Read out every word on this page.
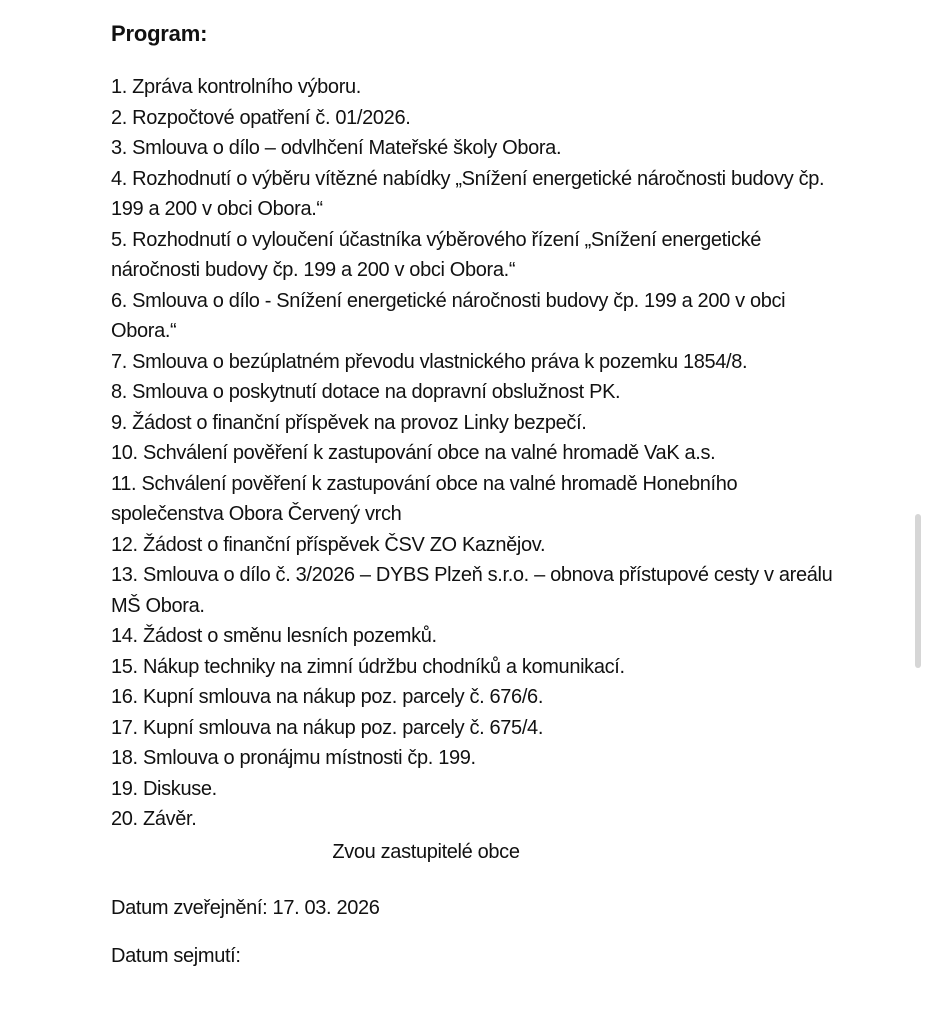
Program:
1. Zpráva kontrolního výboru.
2. Rozpočtové opatření č. 01/2026.
3. Smlouva o dílo – odvlhčení Mateřské školy Obora.
4. Rozhodnutí o výběru vítězné nabídky „Snížení energetické náročnosti budovy čp. 199 a 200 v obci Obora.“
5. Rozhodnutí o vyloučení účastníka výběrového řízení „Snížení energetické náročnosti budovy čp. 199 a 200 v obci Obora.“
6. Smlouva o dílo - Snížení energetické náročnosti budovy čp. 199 a 200 v obci Obora.“
7. Smlouva o bezúplatném převodu vlastnického práva k pozemku 1854/8.
8. Smlouva o poskytnutí dotace na dopravní obslužnost PK.
9. Žádost o finanční příspěvek na provoz Linky bezpečí.
10. Schválení pověření k zastupování obce na valné hromadě VaK a.s.
11. Schválení pověření k zastupování obce na valné hromadě Honebního společenstva Obora Červený vrch
12. Žádost o finanční příspěvek ČSV ZO Kaznějov.
13. Smlouva o dílo č. 3/2026 – DYBS Plzeň s.r.o. – obnova přístupové cesty v areálu MŠ Obora.
14. Žádost o směnu lesních pozemků.
15. Nákup techniky na zimní údržbu chodníků a komunikací.
16. Kupní smlouva na nákup poz. parcely č. 676/6.
17. Kupní smlouva na nákup poz. parcely č. 675/4.
18. Smlouva o pronájmu místnosti čp. 199.
19. Diskuse.
20. Závěr.
Zvou zastupitelé obce
Datum zveřejnění: 17. 03. 2026
Datum sejmutí:
